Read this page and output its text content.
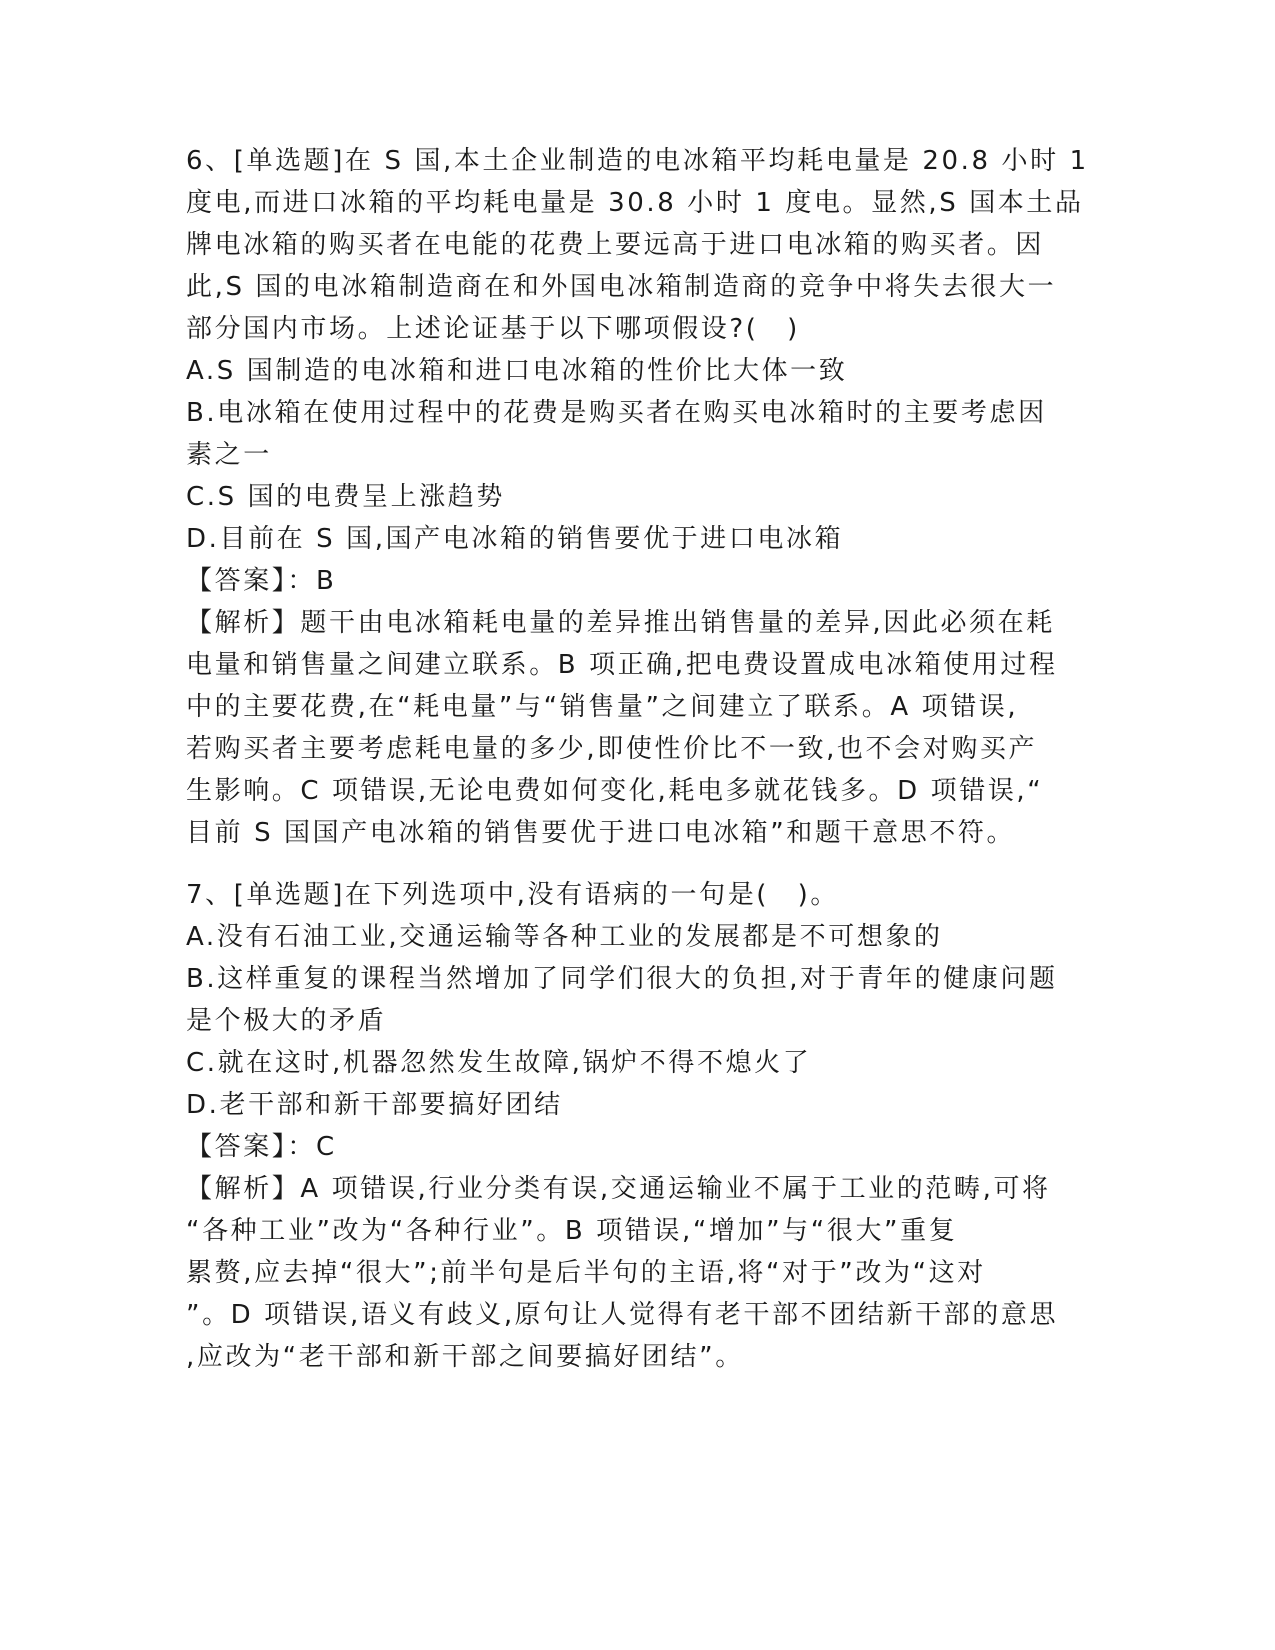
6、[单选题]在 S 国,本土企业制造的电冰箱平均耗电量是 20.8 小时 1

度电,而进口冰箱的平均耗电量是 30.8 小时 1 度电。显然,S 国本土品

牌电冰箱的购买者在电能的花费上要远高于进口电冰箱的购买者。因

此,S 国的电冰箱制造商在和外国电冰箱制造商的竞争中将失去很大一

部分国内市场。上述论证基于以下哪项假设?(　)

A.S 国制造的电冰箱和进口电冰箱的性价比大体一致

B.电冰箱在使用过程中的花费是购买者在购买电冰箱时的主要考虑因

素之一

C.S 国的电费呈上涨趋势

D.目前在 S 国,国产电冰箱的销售要优于进口电冰箱

【答案】：B

【解析】题干由电冰箱耗电量的差异推出销售量的差异,因此必须在耗

电量和销售量之间建立联系。B 项正确,把电费设置成电冰箱使用过程

中的主要花费,在“耗电量”与“销售量”之间建立了联系。A 项错误,

若购买者主要考虑耗电量的多少,即使性价比不一致,也不会对购买产

生影响。C 项错误,无论电费如何变化,耗电多就花钱多。D 项错误,“

目前 S 国国产电冰箱的销售要优于进口电冰箱”和题干意思不符。

7、[单选题]在下列选项中,没有语病的一句是(　)。

A.没有石油工业,交通运输等各种工业的发展都是不可想象的

B.这样重复的课程当然增加了同学们很大的负担,对于青年的健康问题

是个极大的矛盾

C.就在这时,机器忽然发生故障,锅炉不得不熄火了

D.老干部和新干部要搞好团结

【答案】：C

【解析】A 项错误,行业分类有误,交通运输业不属于工业的范畴,可将

“各种工业”改为“各种行业”。B 项错误,“增加”与“很大”重复

累赘,应去掉“很大”;前半句是后半句的主语,将“对于”改为“这对

”。D 项错误,语义有歧义,原句让人觉得有老干部不团结新干部的意思

,应改为“老干部和新干部之间要搞好团结”。
